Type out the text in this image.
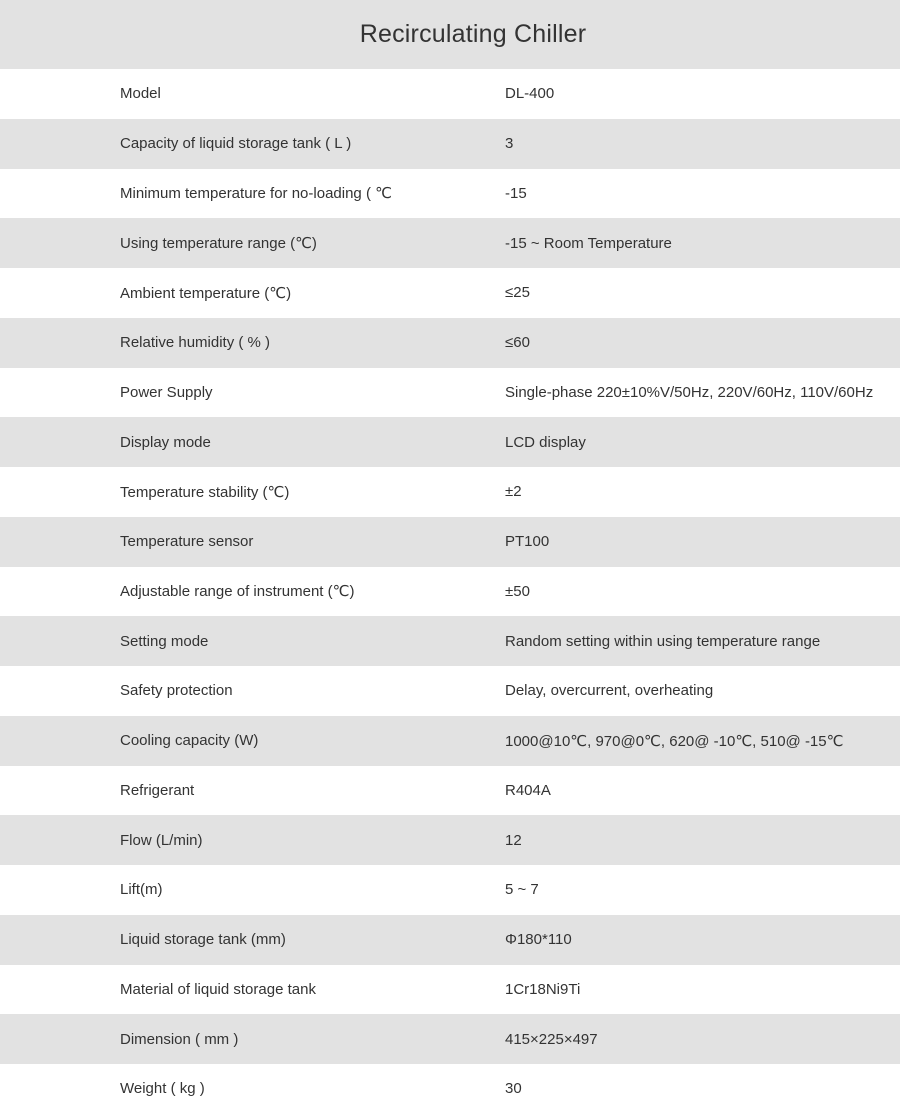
Recirculating Chiller
Model	DL-400
Capacity of liquid storage tank ( L )	3
Minimum temperature for no-loading ( ℃	-15
Using temperature range (℃)	-15 ~ Room Temperature
Ambient temperature (℃)	≤25
Relative humidity ( % )	≤60
Power Supply	Single-phase 220±10%V/50Hz, 220V/60Hz, 110V/60Hz
Display mode	LCD display
Temperature stability (℃)	±2
Temperature sensor	PT100
Adjustable range of instrument (℃)	±50
Setting mode	Random setting within using temperature range
Safety protection	Delay, overcurrent, overheating
Cooling capacity (W)	1000@10℃, 970@0℃, 620@ -10℃, 510@ -15℃
Refrigerant	R404A
Flow (L/min)	12
Lift(m)	5 ~ 7
Liquid storage tank (mm)	Φ180*110
Material of liquid storage tank	1Cr18Ni9Ti
Dimension ( mm )	415×225×497
Weight ( kg )	30
